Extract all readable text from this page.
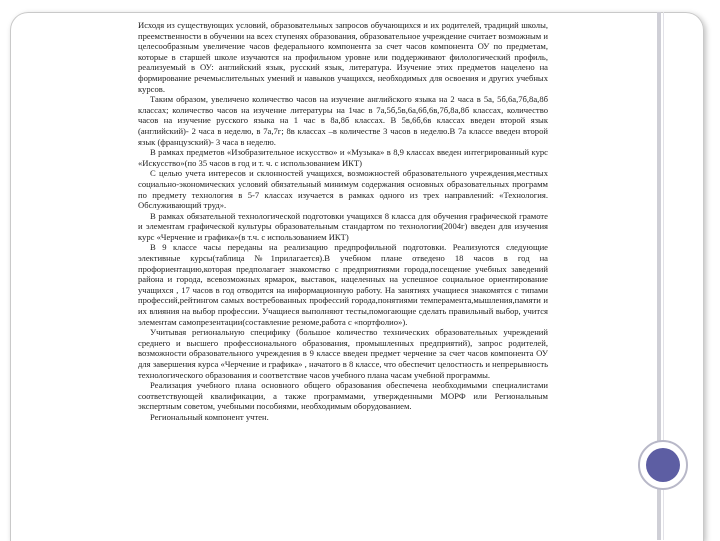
Исходя из существующих условий, образовательных запросов обучающихся и их родителей, традиций школы, преемственности в обучении на всех ступенях образования, образовательное учреждение считает возможным и целесообразным увеличение часов федерального компонента за счет часов компонента ОУ по предметам, которые в старшей школе изучаются на профильном уровне или поддерживают филологический профиль, реализуемый в ОУ: английский язык, русский язык, литература. Изучение этих предметов нацелено на формирование речемыслительных умений и навыков учащихся, необходимых для освоения и других учебных курсов.

Таким образом, увеличено количество часов на изучение английского языка на 2 часа в 5а, 5б,6а,7б,8а,8б классах; количество часов на изучение литературы на 1час в 7а,5б,5в,6а,6б,6в,7б,8а,8б классах, количество часов на изучение русского языка на 1 час в 8а,8б классах. В 5в,6б,6в классах введен второй язык (английский)- 2 часа в неделю, в 7а,7г; 8в классах –в количестве 3 часов в неделю.В 7а классе введен второй язык (французский)- 3 часа в неделю.

В рамках предметов «Изобразительное искусство» и «Музыка» в 8,9 классах введен интегрированный курс «Искусство»(по 35 часов в год и т. ч. с использованием ИКТ)

С целью учета интересов и склонностей учащихся, возможностей образовательного учреждения,местных социально-экономических условий обязательный минимум содержания основных образовательных программ по предмету технология в 5-7 классах изучается в рамках одного из трех направлений: «Технология. Обслуживающий труд».

В рамках обязательной технологической подготовки учащихся 8 класса для обучения графической грамоте и элементам графической культуры образовательным стандартом по технологии(2004г) введен для изучения курс «Черчение и графика»(в т.ч. с использованием ИКТ)

В 9 классе часы переданы на реализацию предпрофильной подготовки. Реализуются следующие элективные курсы(таблица №1прилагается).В учебном плане отведено 18 часов в год на профориентацию,которая предполагает знакомство с предприятиями города,посещение учебных заведений района и города, всевозможных ярмарок, выставок, нацеленных на успешное социальное ориентирование учащихся , 17 часов в год отводится на информационную работу. На занятиях учащиеся знакомятся с типами профессий,рейтингом самых востребованных профессий города,понятиями темперамента,мышления,памяти и их влияния на выбор профессии. Учащиеся выполняют тесты,помогающие сделать правильный выбор, учится элементам самопрезентации(составление резюме,работа с «портфолио»).

Учитывая региональную специфику (большое количество технических образовательных учреждений среднего и высшего профессионального образования, промышленных предприятий), запрос родителей, возможности образовательного учреждения в 9 классе введен предмет черчение за счет часов компонента ОУ для завершения курса «Черчение и графика» , начатого в 8 классе, что обеспечит целостность и непрерывность технологического образования и соответствие часов учебного плана часам учебной программы.

Реализация учебного плана основного общего образования обеспечена необходимыми специалистами соответствующей квалификации, а также программами, утвержденными МОРФ или Региональным экспертным советом, учебными пособиями, необходимым оборудованием.

Региональный компонент учтен.
